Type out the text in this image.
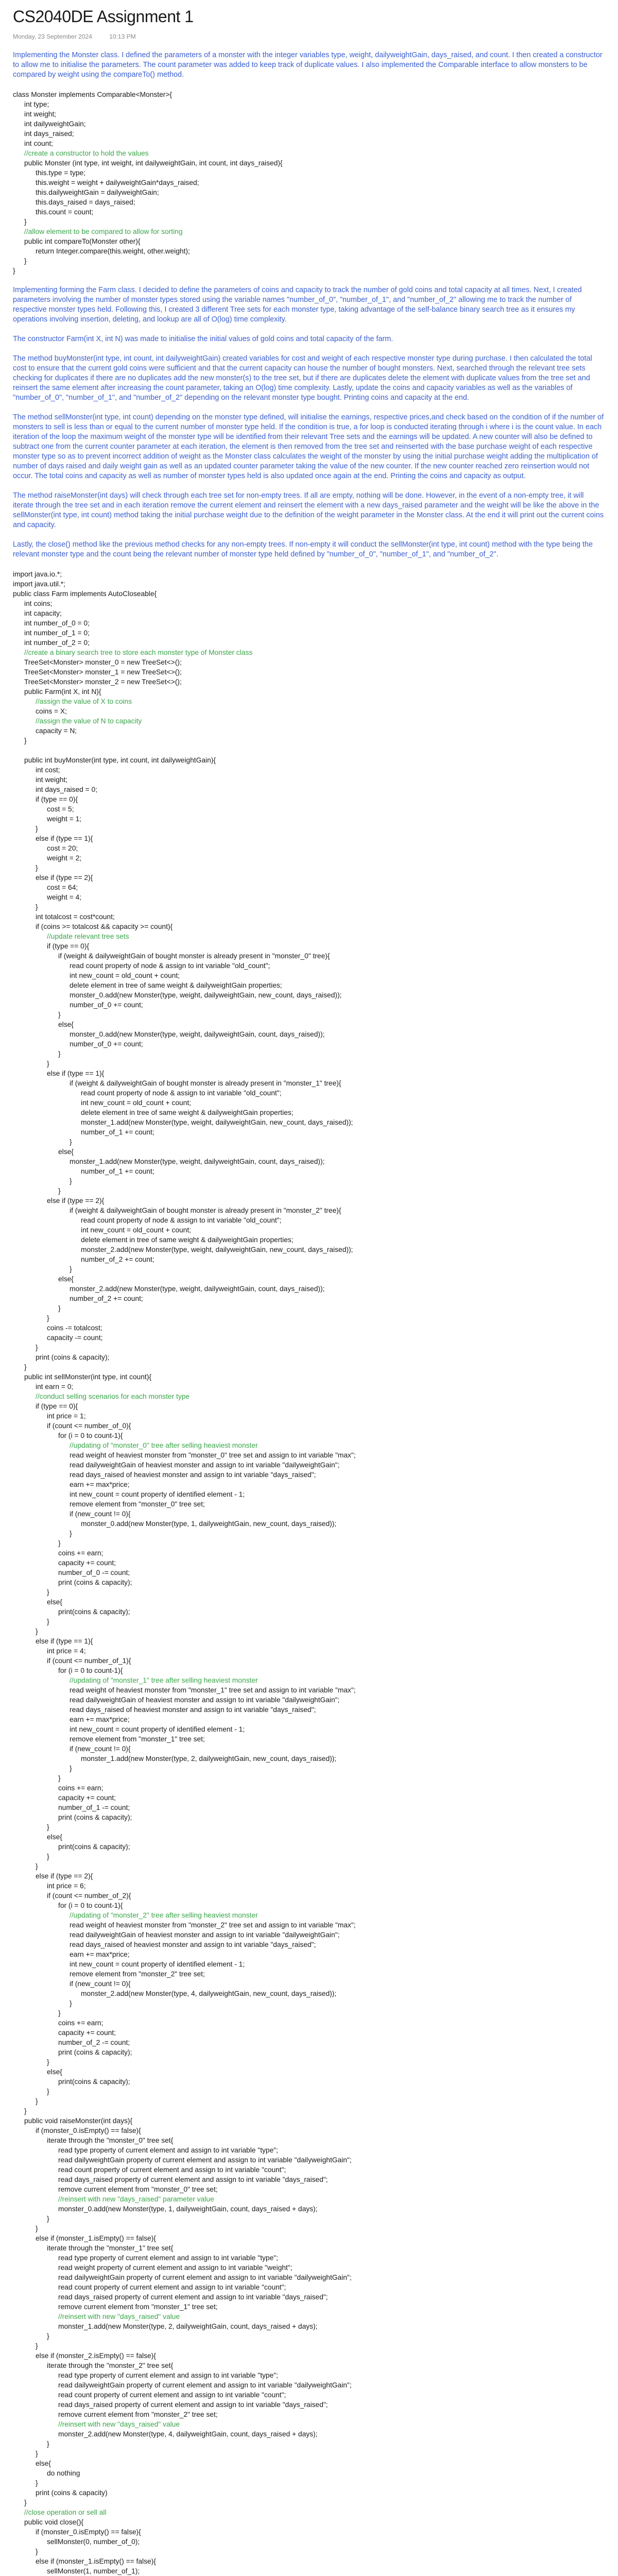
CS2040DE Assignment 1
Monday, 23 September 2024	10:13 PM

Implementing the Monster class. I defined the parameters of a monster with the integer variables type, weight, dailyweightGain, days_raised, and count. I then created a constructor to allow me to initialise the parameters. The count parameter was added to keep track of duplicate values. I also implemented the Comparable interface to allow monsters to be compared by weight using the compareTo() method.

class Monster implements Comparable<Monster>{
int type;
int weight;
int dailyweightGain;
int days_raised;
int count;
//create a constructor to hold the values
public Monster (int type, int weight, int dailyweightGain, int count, int days_raised){
this.type = type;
this.weight = weight + dailyweightGain*days_raised;
this.dailyweightGain = dailyweightGain;
this.days_raised = days_raised;
this.count = count;
}
//allow element to be compared to allow for sorting
public int compareTo(Monster other){
return Integer.compare(this.weight, other.weight);
}
}

Implementing forming the Farm class. I decided to define the parameters of coins and capacity to track the number of gold coins and total capacity at all times. Next, I created parameters involving the number of monster types stored using the variable names "number_of_0", "number_of_1", and "number_of_2" allowing me to track the number of respective monster types held. Following this, I created 3 different Tree sets for each monster type, taking advantage of the self-balance binary search tree as it ensures my operations involving insertion, deleting, and lookup are all of O(log) time complexity.

The constructor Farm(int X, int N) was made to initialise the initial values of gold coins and total capacity of the farm.

The method buyMonster(int type, int count, int dailyweightGain) created variables for cost and weight of each respective monster type during purchase. I then calculated the total cost to ensure that the current gold coins were sufficient and that the current capacity can house the number of bought monsters. Next, searched through the relevant tree sets checking for duplicates if there are no duplicates add the new monster(s) to the tree set, but if there are duplicates delete the element with duplicate values from the tree set and reinsert the same element after increasing the count parameter, taking an O(log) time complexity. Lastly, update the coins and capacity variables as well as the variables of "number_of_0", "number_of_1", and "number_of_2" depending on the relevant monster type bought. Printing coins and capacity at the end.

The method sellMonster(int type, int count) depending on the monster type defined, will initialise the earnings, respective prices,and check based on the condition of if the number of monsters to sell is less than or equal to the current number of monster type held. If the condition is true, a for loop is conducted iterating through i where i is the count value. In each iteration of the loop the maximum weight of the monster type will be identified from their relevant Tree sets and the earnings will be updated. A new counter will also be defined to subtract one from the current counter parameter at each iteration, the element is then removed from the tree set and reinserted with the base purchase weight of each respective monster type so as to prevent incorrect addition of weight as the Monster class calculates the weight of the monster by using the initial purchase weight adding the multiplication of number of days raised and daily weight gain as well as an updated counter parameter taking the value of the new counter. If the new counter reached zero reinsertion would not occur. The total coins and capacity as well as number of monster types held is also updated once again at the end. Printing the coins and capacity as output.

The method raiseMonster(int days) will check through each tree set for non-empty trees. If all are empty, nothing will be done. However, in the event of a non-empty tree, it will iterate through the tree set and in each iteration remove the current element and reinsert the element with a new days_raised parameter and the weight will be like the above in the sellMonster(int type, int count) method taking the initial purchase weight due to the definition of the weight parameter in the Monster class. At the end it will print out the current coins and capacity.

Lastly, the close() method like the previous method checks for any non-empty trees. If non-empty it will conduct the sellMonster(int type, int count) method with the type being the relevant monster type and the count being the relevant number of monster type held defined by "number_of_0", "number_of_1", and "number_of_2".

import java.io.*;
import java.util.*;
public class Farm implements AutoCloseable{
int coins;
int capacity;
int number_of_0 = 0;
int number_of_1 = 0;
int number_of_2 = 0;
//create a binary search tree to store each monster type of Monster class
TreeSet<Monster> monster_0 = new TreeSet<>();
TreeSet<Monster> monster_1 = new TreeSet<>();
TreeSet<Monster> monster_2 = new TreeSet<>();
public Farm(int X, int N){
//assign the value of X to coins
coins = X;
//assign the value of N to capacity
capacity = N;
}
public int buyMonster(int type, int count, int dailyweightGain){
int cost;
int weight;
int days_raised = 0;
if (type == 0){
cost = 5;
weight = 1;
}
else if (type == 1){
cost = 20;
weight = 2;
}
else if (type == 2){
cost = 64;
weight = 4;
}
int totalcost = cost*count;
if (coins >= totalcost && capacity >= count){
//update relevant tree sets
if (type == 0){
if (weight & dailyweightGain of bought monster is already present in "monster_0" tree){
read count property of node & assign to int variable "old_count";
int new_count = old_count + count;
delete element in tree of same weight & dailyweightGain properties;
monster_0.add(new Monster(type, weight, dailyweightGain, new_count, days_raised));
number_of_0 += count;
}
else{
monster_0.add(new Monster(type, weight, dailyweightGain, count, days_raised));
number_of_0 += count;
}
}
else if (type == 1){
if (weight & dailyweightGain of bought monster is already present in "monster_1" tree){
read count property of node & assign to int variable "old_count";
int new_count = old_count + count;
delete element in tree of same weight & dailyweightGain properties;
monster_1.add(new Monster(type, weight, dailyweightGain, new_count, days_raised));
number_of_1 += count;
}
else{
monster_1.add(new Monster(type, weight, dailyweightGain, count, days_raised));
number_of_1 += count;
}
}
else if (type == 2){
if (weight & dailyweightGain of bought monster is already present in "monster_2" tree){
read count property of node & assign to int variable "old_count";
int new_count = old_count + count;
delete element in tree of same weight & dailyweightGain properties;
monster_2.add(new Monster(type, weight, dailyweightGain, new_count, days_raised));
number_of_2 += count;
}
else{
monster_2.add(new Monster(type, weight, dailyweightGain, count, days_raised));
number_of_2 += count;
}
}
coins -= totalcost;
capacity -= count;
}
print (coins & capacity);
}
public int sellMonster(int type, int count){
int earn = 0;
//conduct selling scenarios for each monster type
if (type == 0){
int price = 1;
if (count <= number_of_0){
for (i = 0 to count-1){
//updating of "monster_0" tree after selling heaviest monster
read weight of heaviest monster from "monster_0" tree set and assign to int variable "max";
read dailyweightGain of heaviest monster and assign to int variable "dailyweightGain";
read days_raised of heaviest monster and assign to int variable "days_raised";
earn += max*price;
int new_count = count property of identified element - 1;
remove element from "monster_0" tree set;
if (new_count != 0){
monster_0.add(new Monster(type, 1, dailyweightGain, new_count, days_raised));
}
}
coins += earn;
capacity += count;
number_of_0 -= count;
print (coins & capacity);
}
else{
print(coins & capacity);
}
}
else if (type == 1){
int price = 4;
if (count <= number_of_1){
for (i = 0 to count-1){
//updating of "monster_1" tree after selling heaviest monster
read weight of heaviest monster from "monster_1" tree set and assign to int variable "max";
read dailyweightGain of heaviest monster and assign to int variable "dailyweightGain";
read days_raised of heaviest monster and assign to int variable "days_raised";
earn += max*price;
int new_count = count property of identified element - 1;
remove element from "monster_1" tree set;
if (new_count != 0){
monster_1.add(new Monster(type, 2, dailyweightGain, new_count, days_raised));
}
}
coins += earn;
capacity += count;
number_of_1 -= count;
print (coins & capacity);
}
else{
print(coins & capacity);
}
}
else if (type == 2){
int price = 6;
if (count <= number_of_2){
for (i = 0 to count-1){
//updating of "monster_2" tree after selling heaviest monster
read weight of heaviest monster from "monster_2" tree set and assign to int variable "max";
read dailyweightGain of heaviest monster and assign to int variable "dailyweightGain";
read days_raised of heaviest monster and assign to int variable "days_raised";
earn += max*price;
int new_count = count property of identified element - 1;
remove element from "monster_2" tree set;
if (new_count != 0){
monster_2.add(new Monster(type, 4, dailyweightGain, new_count, days_raised));
}
}
coins += earn;
capacity += count;
number_of_2 -= count;
print (coins & capacity);
}
else{
print(coins & capacity);
}
}
}
public void raiseMonster(int days){
if (monster_0.isEmpty() == false){
iterate through the "monster_0" tree set{
read type property of current element and assign to int variable "type";
read dailyweightGain property of current element and assign to int variable "dailyweightGain";
read count property of current element and assign to int variable "count";
read days_raised property of current element and assign to int variable "days_raised";
remove current element from "monster_0" tree set;
//reinsert with new "days_raised" parameter value
monster_0.add(new Monster(type, 1, dailyweightGain, count, days_raised + days);
}
}
else if (monster_1.isEmpty() == false){
iterate through the "monster_1" tree set{
read type property of current element and assign to int variable "type";
read weight property of current element and assign to int variable "weight";
read dailyweightGain property of current element and assign to int variable "dailyweightGain";
read count property of current element and assign to int variable "count";
read days_raised property of current element and assign to int variable "days_raised";
remove current element from "monster_1" tree set;
//reinsert with new "days_raised" value
monster_1.add(new Monster(type, 2, dailyweightGain, count, days_raised + days);
}
}
else if (monster_2.isEmpty() == false){
iterate through the "monster_2" tree set{
read type property of current element and assign to int variable "type";
read dailyweightGain property of current element and assign to int variable "dailyweightGain";
read count property of current element and assign to int variable "count";
read days_raised property of current element and assign to int variable "days_raised";
remove current element from "monster_2" tree set;
//reinsert with new "days_raised" value
monster_2.add(new Monster(type, 4, dailyweightGain, count, days_raised + days);
}
}
else{
do nothing
}
print (coins & capacity)
}
//close operation or sell all
public void close(){
if (monster_0.isEmpty() == false){
sellMonster(0, number_of_0);
}
else if (monster_1.isEmpty() == false){
sellMonster(1, number_of_1);
